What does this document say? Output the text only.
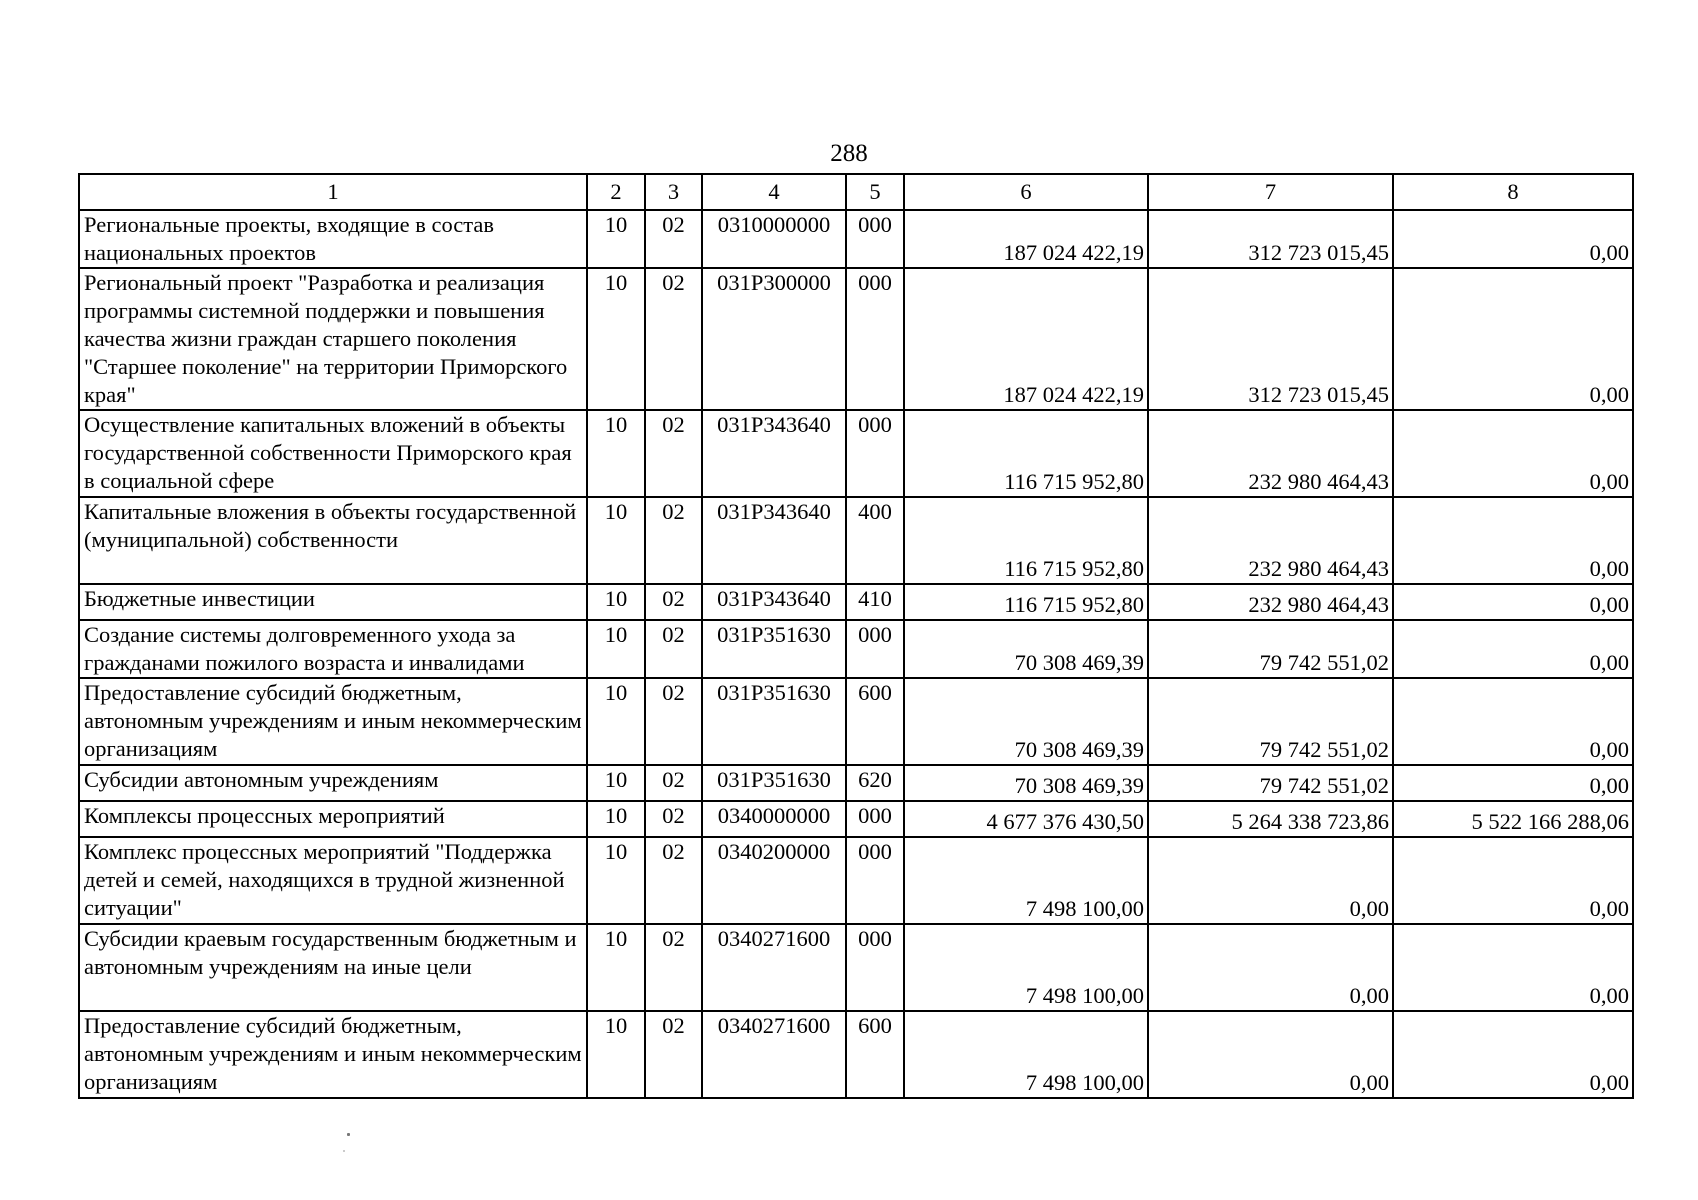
288
1	2	3	4	5	6	7	8
Региональные проекты, входящие в состав национальных проектов	10	02	0310000000	000	187 024 422,19	312 723 015,45	0,00
Региональный проект "Разработка и реализация программы системной поддержки и повышения качества жизни граждан старшего поколения "Старшее поколение" на территории Приморского края"	10	02	031P300000	000	187 024 422,19	312 723 015,45	0,00
Осуществление капитальных вложений в объекты государственной собственности Приморского края в социальной сфере	10	02	031P343640	000	116 715 952,80	232 980 464,43	0,00
Капитальные вложения в объекты государственной (муниципальной) собственности	10	02	031P343640	400	116 715 952,80	232 980 464,43	0,00
Бюджетные инвестиции	10	02	031P343640	410	116 715 952,80	232 980 464,43	0,00
Создание системы долговременного ухода за гражданами пожилого возраста и инвалидами	10	02	031P351630	000	70 308 469,39	79 742 551,02	0,00
Предоставление субсидий бюджетным, автономным учреждениям и иным некоммерческим организациям	10	02	031P351630	600	70 308 469,39	79 742 551,02	0,00
Субсидии автономным учреждениям	10	02	031P351630	620	70 308 469,39	79 742 551,02	0,00
Комплексы процессных мероприятий	10	02	0340000000	000	4 677 376 430,50	5 264 338 723,86	5 522 166 288,06
Комплекс процессных мероприятий "Поддержка детей и семей, находящихся в трудной жизненной ситуации"	10	02	0340200000	000	7 498 100,00	0,00	0,00
Субсидии краевым государственным бюджетным и автономным учреждениям на иные цели	10	02	0340271600	000	7 498 100,00	0,00	0,00
Предоставление субсидий бюджетным, автономным учреждениям и иным некоммерческим организациям	10	02	0340271600	600	7 498 100,00	0,00	0,00
